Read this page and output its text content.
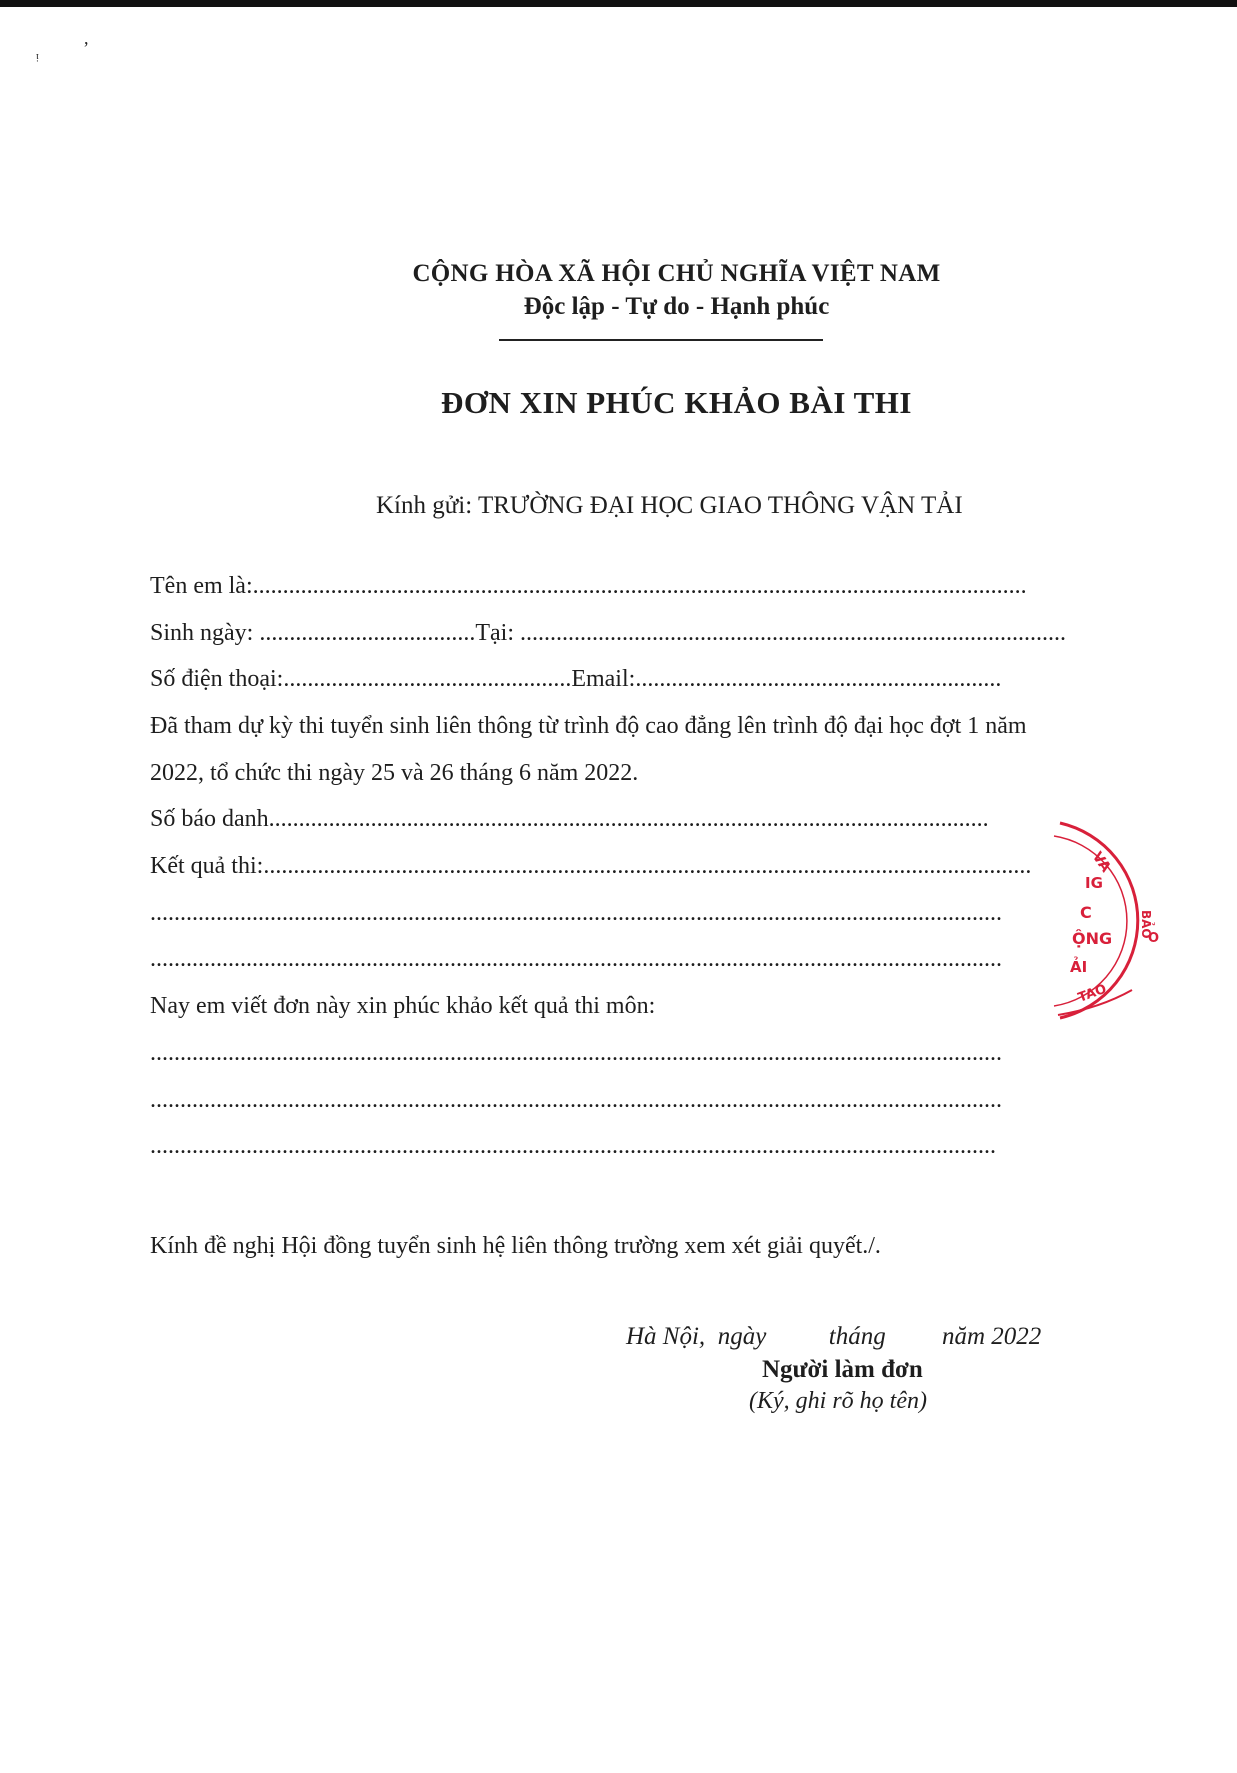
ᵎ
,
CỘNG HÒA XÃ HỘI CHỦ NGHĨA VIỆT NAM
Độc lập - Tự do - Hạnh phúc
ĐƠN XIN PHÚC KHẢO BÀI THI
Kính gửi: TRƯỜNG ĐẠI HỌC GIAO THÔNG VẬN TẢI
Tên em là:.................................................................................................................................
Sinh ngày: ....................................Tại: ...........................................................................................
Số điện thoại:................................................Email:.............................................................
Đã tham dự kỳ thi tuyển sinh liên thông từ trình độ cao đẳng lên trình độ đại học đợt 1 năm
2022, tổ chức thi ngày 25 và 26 tháng 6 năm 2022.
Số báo danh........................................................................................................................
Kết quả thi:................................................................................................................................
..............................................................................................................................................
..............................................................................................................................................
Nay em viết đơn này xin phúc khảo kết quả thi môn:
..............................................................................................................................................
..............................................................................................................................................
.............................................................................................................................................
Kính đề nghị Hội đồng tuyển sinh hệ liên thông trường xem xét giải quyết./.
Hà Nội, ngày	tháng năm 2022
Người làm đơn
(Ký, ghi rõ họ tên)
VA
IG
C
ỘNG
ẢI
BẢO
O
TAO
